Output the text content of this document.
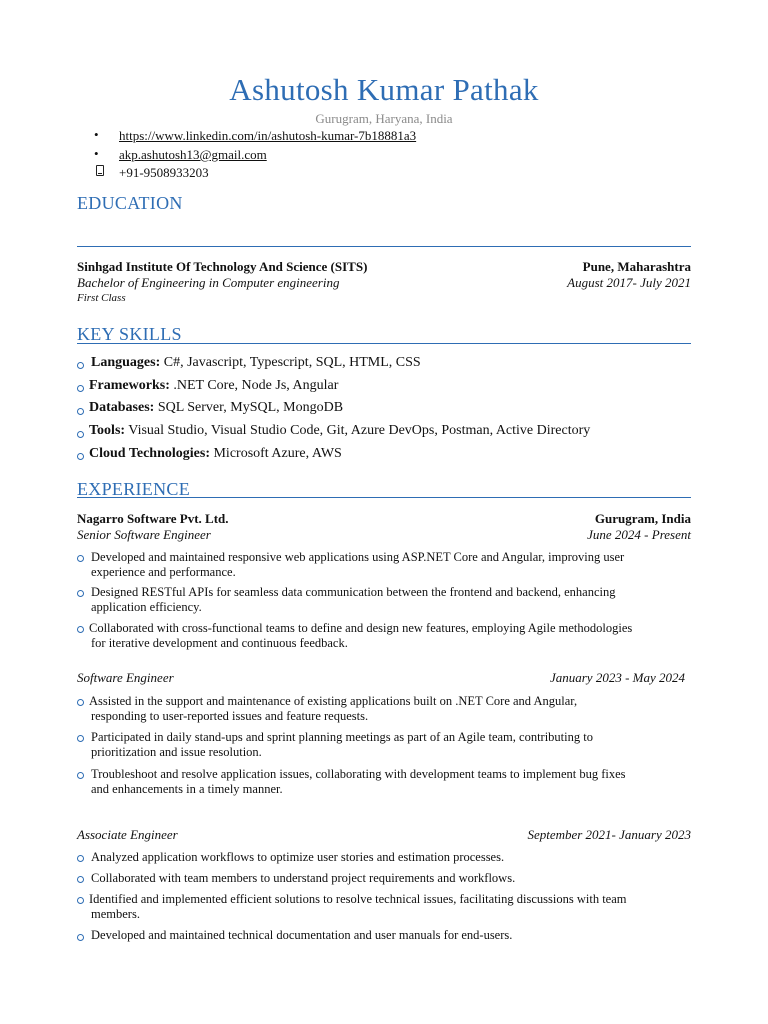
Ashutosh Kumar Pathak
Gurugram, Haryana, India
• https://www.linkedin.com/in/ashutosh-kumar-7b18881a3
• akp.ashutosh13@gmail.com
+91-9508933203
EDUCATION
Sinhgad Institute Of Technology And Science (SITS)	Pune, Maharashtra
Bachelor of Engineering in Computer engineering	August 2017- July 2021
First Class
KEY SKILLS
Languages: C#, Javascript, Typescript, SQL, HTML, CSS
Frameworks: .NET Core, Node Js, Angular
Databases: SQL Server, MySQL, MongoDB
Tools: Visual Studio, Visual Studio Code, Git, Azure DevOps, Postman, Active Directory
Cloud Technologies: Microsoft Azure, AWS
EXPERIENCE
Nagarro Software Pvt. Ltd.	Gurugram, India
Senior Software Engineer	June 2024 - Present
Developed and maintained responsive web applications using ASP.NET Core and Angular, improving user
experience and performance.
Designed RESTful APIs for seamless data communication between the frontend and backend, enhancing
application efficiency.
Collaborated with cross-functional teams to define and design new features, employing Agile methodologies
for iterative development and continuous feedback.
Software Engineer	January 2023 - May 2024
Assisted in the support and maintenance of existing applications built on .NET Core and Angular,
responding to user-reported issues and feature requests.
Participated in daily stand-ups and sprint planning meetings as part of an Agile team, contributing to
prioritization and issue resolution.
Troubleshoot and resolve application issues, collaborating with development teams to implement bug fixes
and enhancements in a timely manner.
Associate Engineer	September 2021- January 2023
Analyzed application workflows to optimize user stories and estimation processes.
Collaborated with team members to understand project requirements and workflows.
Identified and implemented efficient solutions to resolve technical issues, facilitating discussions with team
members.
Developed and maintained technical documentation and user manuals for end-users.
